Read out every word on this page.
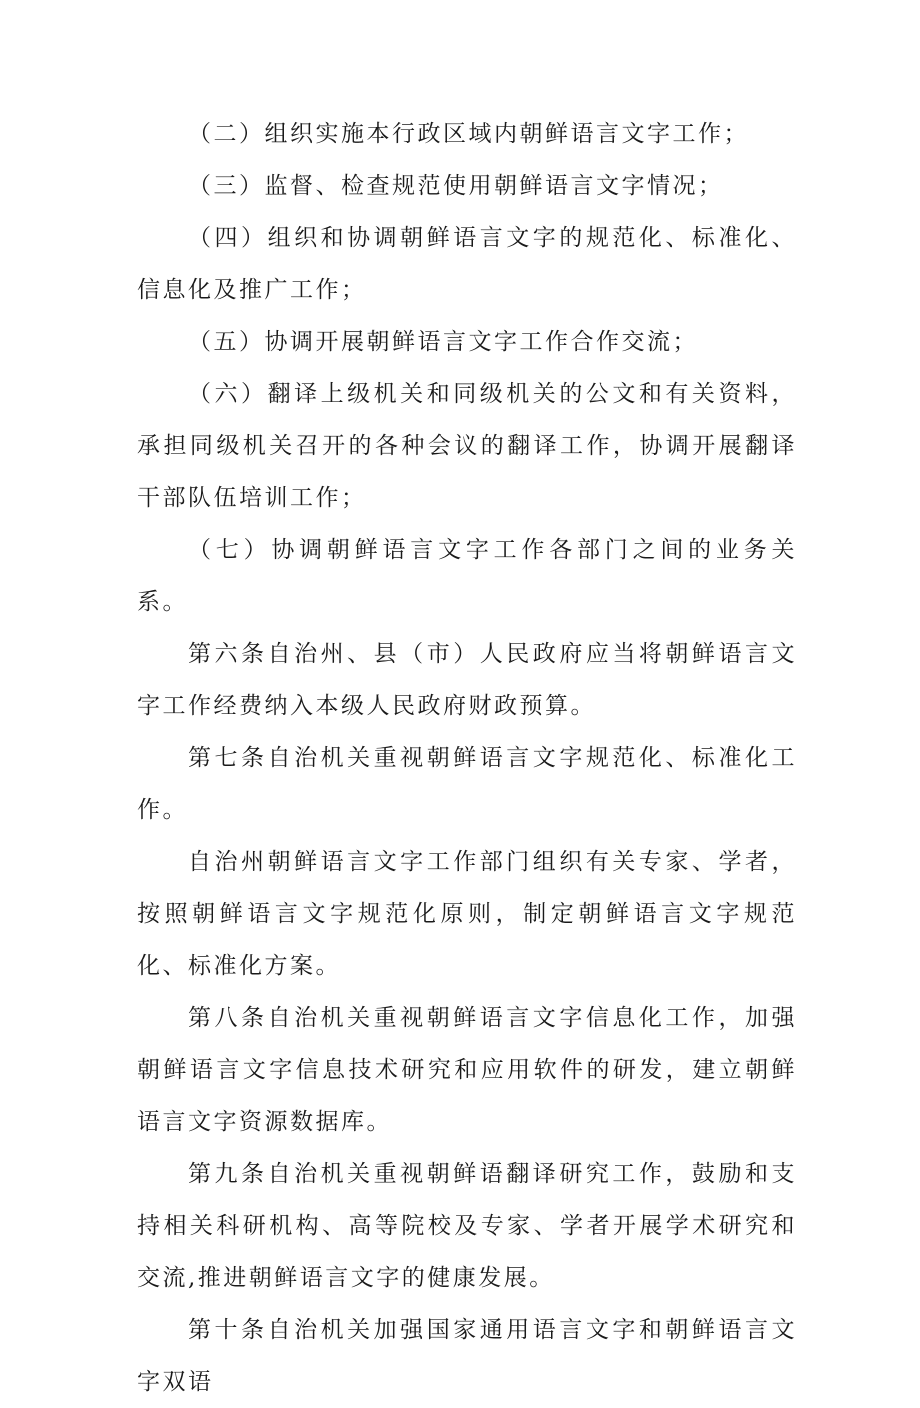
（二）组织实施本行政区域内朝鲜语言文字工作；

（三）监督、检查规范使用朝鲜语言文字情况；

（四）组织和协调朝鲜语言文字的规范化、标准化、信息化及推广工作；

（五）协调开展朝鲜语言文字工作合作交流；

（六）翻译上级机关和同级机关的公文和有关资料，承担同级机关召开的各种会议的翻译工作，协调开展翻译干部队伍培训工作；

（七）协调朝鲜语言文字工作各部门之间的业务关系。

第六条自治州、县（市）人民政府应当将朝鲜语言文字工作经费纳入本级人民政府财政预算。

第七条自治机关重视朝鲜语言文字规范化、标准化工作。

自治州朝鲜语言文字工作部门组织有关专家、学者，按照朝鲜语言文字规范化原则，制定朝鲜语言文字规范化、标准化方案。

第八条自治机关重视朝鲜语言文字信息化工作，加强朝鲜语言文字信息技术研究和应用软件的研发，建立朝鲜语言文字资源数据库。

第九条自治机关重视朝鲜语翻译研究工作，鼓励和支持相关科研机构、高等院校及专家、学者开展学术研究和交流,推进朝鲜语言文字的健康发展。

第十条自治机关加强国家通用语言文字和朝鲜语言文字双语
